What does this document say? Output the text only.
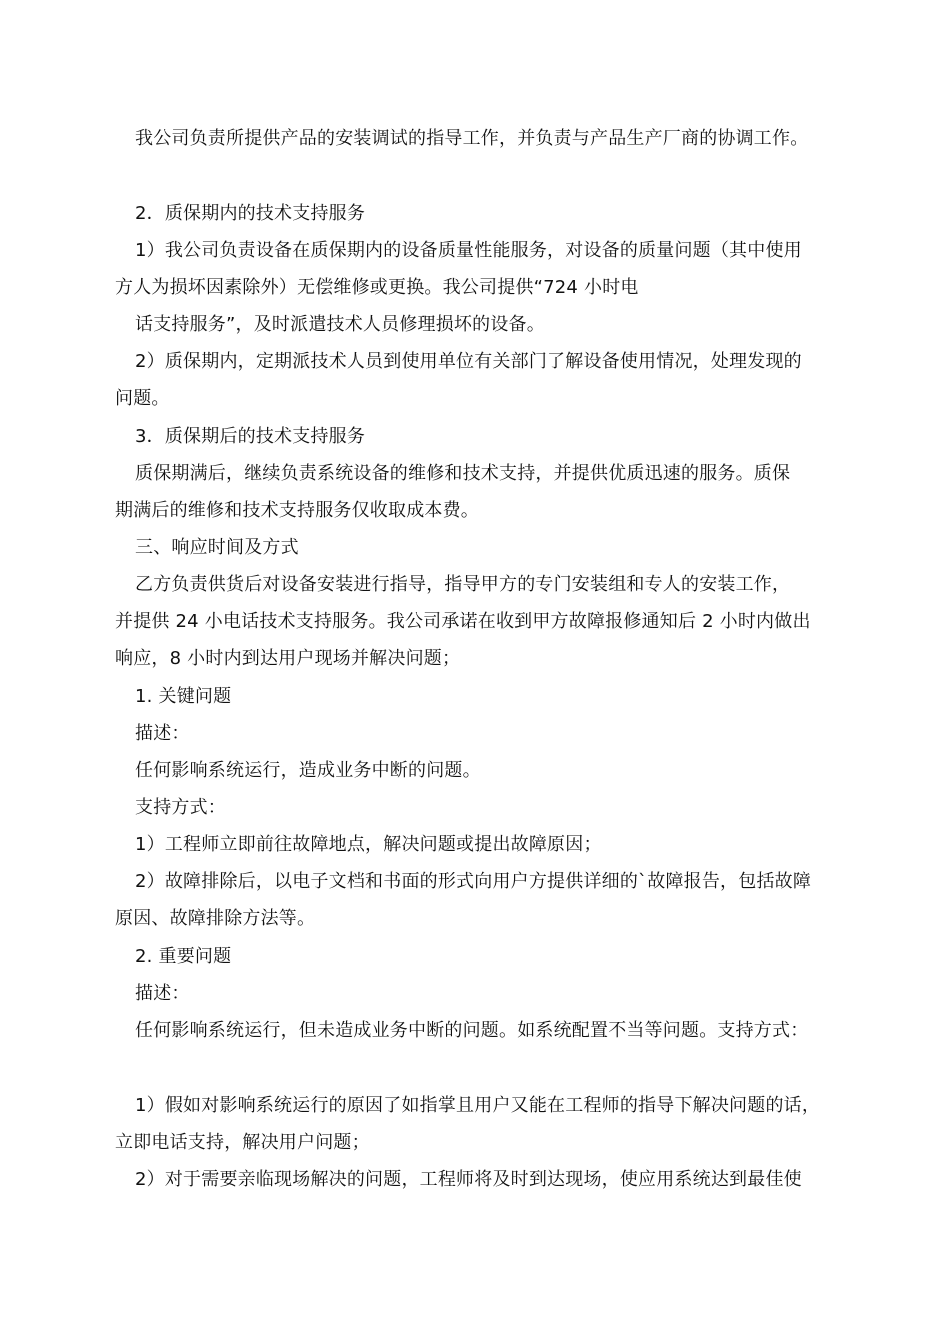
我公司负责所提供产品的安装调试的指导工作，并负责与产品生产厂商的协调工作。
2．质保期内的技术支持服务
1）我公司负责设备在质保期内的设备质量性能服务，对设备的质量问题（其中使用
方人为损坏因素除外）无偿维修或更换。我公司提供“724 小时电
话支持服务”，及时派遣技术人员修理损坏的设备。
2）质保期内，定期派技术人员到使用单位有关部门了解设备使用情况，处理发现的
问题。
3．质保期后的技术支持服务
质保期满后，继续负责系统设备的维修和技术支持，并提供优质迅速的服务。质保
期满后的维修和技术支持服务仅收取成本费。
三、响应时间及方式
乙方负责供货后对设备安装进行指导，指导甲方的专门安装组和专人的安装工作，
并提供 24 小电话技术支持服务。我公司承诺在收到甲方故障报修通知后 2 小时内做出
响应，8 小时内到达用户现场并解决问题；
1. 关键问题
描述：
任何影响系统运行，造成业务中断的问题。
支持方式：
1）工程师立即前往故障地点，解决问题或提出故障原因；
2）故障排除后，以电子文档和书面的形式向用户方提供详细的`故障报告，包括故障
原因、故障排除方法等。
2. 重要问题
描述：
任何影响系统运行，但未造成业务中断的问题。如系统配置不当等问题。支持方式：
1）假如对影响系统运行的原因了如指掌且用户又能在工程师的指导下解决问题的话，
立即电话支持，解决用户问题；
2）对于需要亲临现场解决的问题，工程师将及时到达现场，使应用系统达到最佳使
